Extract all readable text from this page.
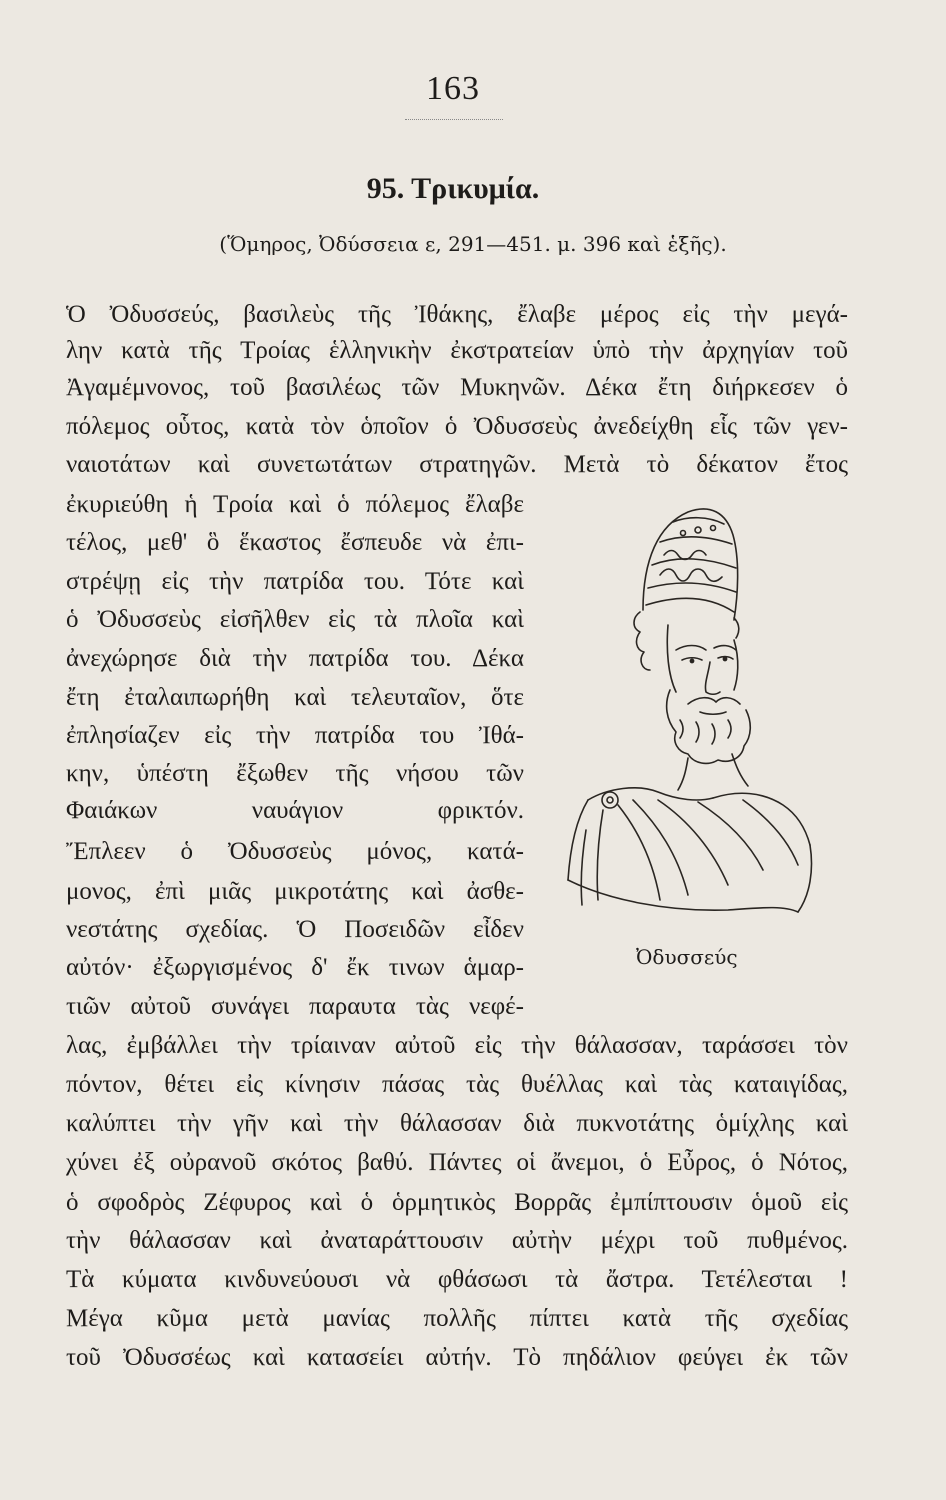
163
95. Τρικυμία.
(Ὅμηρος, Ὀδύσσεια ε, 291—451. μ. 396 καὶ ἑξῆς).
Ὁ Ὀδυσσεύς, βασιλεὺς τῆς Ἰθάκης, ἔλαβε μέρος εἰς τὴν μεγά-
λην κατὰ τῆς Τροίας ἑλληνικὴν ἐκστρατείαν ὑπὸ τὴν ἀρχηγίαν τοῦ
Ἀγαμέμνονος, τοῦ βασιλέως τῶν Μυκηνῶν. Δέκα ἔτη διήρκεσεν ὁ
πόλεμος οὗτος, κατὰ τὸν ὁποῖον ὁ Ὀδυσσεὺς ἀνεδείχθη εἷς τῶν γεν-
ναιοτάτων καὶ συνετωτάτων στρατηγῶν. Μετὰ τὸ δέκατον ἔτος
ἐκυριεύθη ἡ Τροία καὶ ὁ πόλεμος ἔλαβε
τέλος, μεθ' ὃ ἕκαστος ἔσπευδε νὰ ἐπι-
στρέψῃ εἰς τὴν πατρίδα του. Τότε καὶ
ὁ Ὀδυσσεὺς εἰσῆλθεν εἰς τὰ πλοῖα καὶ
ἀνεχώρησε διὰ τὴν πατρίδα του. Δέκα
ἔτη ἐταλαιπωρήθη καὶ τελευταῖον, ὅτε
ἐπλησίαζεν εἰς τὴν πατρίδα του Ἰθά-
κην, ὑπέστη ἔξωθεν τῆς νήσου τῶν
Φαιάκων ναυάγιον φρικτόν.
Ἔπλεεν ὁ Ὀδυσσεὺς μόνος, κατά-
μονος, ἐπὶ μιᾶς μικροτάτης καὶ ἀσθε-
νεστάτης σχεδίας. Ὁ Ποσειδῶν εἶδεν
αὐτόν· ἐξωργισμένος δ' ἔκ τινων ἁμαρ-
τιῶν αὐτοῦ συνάγει παραυτα τὰς νεφέ-
λας, ἐμβάλλει τὴν τρίαιναν αὐτοῦ εἰς τὴν θάλασσαν, ταράσσει τὸν
πόντον, θέτει εἰς κίνησιν πάσας τὰς θυέλλας καὶ τὰς καταιγίδας,
καλύπτει τὴν γῆν καὶ τὴν θάλασσαν διὰ πυκνοτάτης ὁμίχλης καὶ
χύνει ἐξ οὐρανοῦ σκότος βαθύ. Πάντες οἱ ἄνεμοι, ὁ Εὖρος, ὁ Νότος,
ὁ σφοδρὸς Ζέφυρος καὶ ὁ ὁρμητικὸς Βορρᾶς ἐμπίπτουσιν ὁμοῦ εἰς
τὴν θάλασσαν καὶ ἀναταράττουσιν αὐτὴν μέχρι τοῦ πυθμένος.
Τὰ κύματα κινδυνεύουσι νὰ φθάσωσι τὰ ἄστρα. Τετέλεσται !
Μέγα κῦμα μετὰ μανίας πολλῆς πίπτει κατὰ τῆς σχεδίας
τοῦ Ὀδυσσέως καὶ κατασείει αὐτήν. Τὸ πηδάλιον φεύγει ἐκ τῶν
Ὀδυσσεύς
